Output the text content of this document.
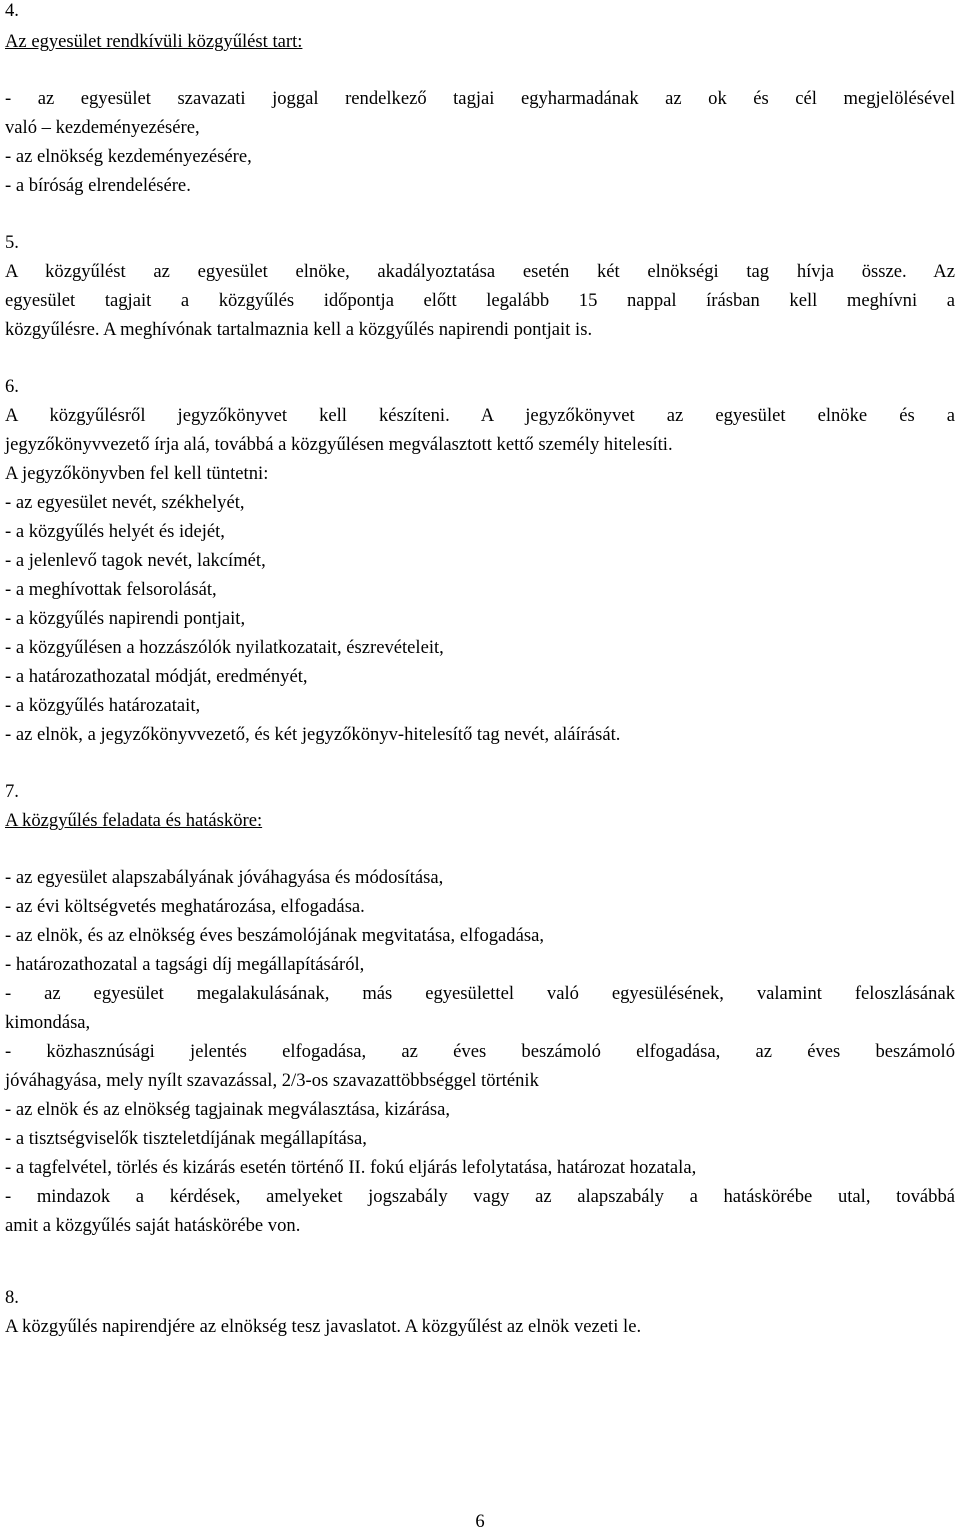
4.
Az egyesület rendkívüli közgyűlést tart:
- az egyesület szavazati joggal rendelkező tagjai egyharmadának az ok és cél megjelölésével
való – kezdeményezésére,
- az elnökség kezdeményezésére,
- a bíróság elrendelésére.
5.
A közgyűlést az egyesület elnöke, akadályoztatása esetén két elnökségi tag hívja össze. Az
egyesület tagjait a közgyűlés időpontja előtt legalább 15 nappal írásban kell meghívni a
közgyűlésre. A meghívónak tartalmaznia kell a közgyűlés napirendi pontjait is.
6.
A közgyűlésről jegyzőkönyvet kell készíteni. A jegyzőkönyvet az egyesület elnöke és a
jegyzőkönyvvezető írja alá, továbbá a közgyűlésen megválasztott kettő személy hitelesíti.
A jegyzőkönyvben fel kell tüntetni:
- az egyesület nevét, székhelyét,
- a közgyűlés helyét és idejét,
- a jelenlevő tagok nevét, lakcímét,
- a meghívottak felsorolását,
- a közgyűlés napirendi pontjait,
- a közgyűlésen a hozzászólók nyilatkozatait, észrevételeit,
- a határozathozatal módját, eredményét,
- a közgyűlés határozatait,
- az elnök, a jegyzőkönyvvezető, és két jegyzőkönyv-hitelesítő tag nevét, aláírását.
7.
A közgyűlés feladata és hatásköre:
- az egyesület alapszabályának jóváhagyása és módosítása,
- az évi költségvetés meghatározása, elfogadása.
- az elnök, és az elnökség éves beszámolójának megvitatása, elfogadása,
- határozathozatal a tagsági díj megállapításáról,
- az egyesület megalakulásának, más egyesülettel való egyesülésének, valamint feloszlásának
kimondása,
- közhasznúsági jelentés elfogadása, az éves beszámoló elfogadása, az éves beszámoló
jóváhagyása, mely nyílt szavazással, 2/3-os szavazattöbbséggel történik
- az elnök és az elnökség tagjainak megválasztása, kizárása,
- a tisztségviselők tiszteletdíjának megállapítása,
- a tagfelvétel, törlés és kizárás esetén történő II. fokú eljárás lefolytatása, határozat hozatala,
- mindazok a kérdések, amelyeket jogszabály vagy az alapszabály a hatáskörébe utal, továbbá
amit a közgyűlés saját hatáskörébe von.
8.
A közgyűlés napirendjére az elnökség tesz javaslatot. A közgyűlést az elnök vezeti le.
6
